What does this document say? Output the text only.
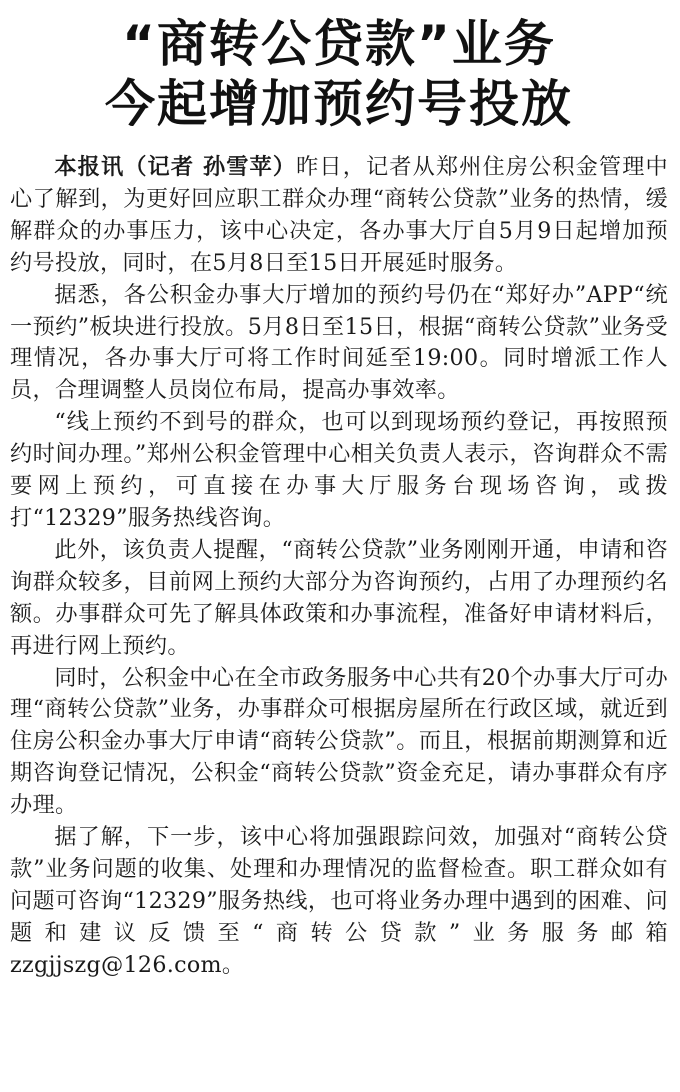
“商转公贷款”业务
今起增加预约号投放

本报讯（记者 孙雪苹）昨日，记者从郑州住房公积金管理中心了解到，为更好回应职工群众办理“商转公贷款”业务的热情，缓解群众的办事压力，该中心决定，各办事大厅自5月9日起增加预约号投放，同时，在5月8日至15日开展延时服务。

据悉，各公积金办事大厅增加的预约号仍在“郑好办”APP“统一预约”板块进行投放。5月8日至15日，根据“商转公贷款”业务受理情况，各办事大厅可将工作时间延至19:00。同时增派工作人员，合理调整人员岗位布局，提高办事效率。

“线上预约不到号的群众，也可以到现场预约登记，再按照预约时间办理。”郑州公积金管理中心相关负责人表示，咨询群众不需要网上预约，可直接在办事大厅服务台现场咨询，或拨打“12329”服务热线咨询。

此外，该负责人提醒，“商转公贷款”业务刚刚开通，申请和咨询群众较多，目前网上预约大部分为咨询预约，占用了办理预约名额。办事群众可先了解具体政策和办事流程，准备好申请材料后，再进行网上预约。

同时，公积金中心在全市政务服务中心共有20个办事大厅可办理“商转公贷款”业务，办事群众可根据房屋所在行政区域，就近到住房公积金办事大厅申请“商转公贷款”。而且，根据前期测算和近期咨询登记情况，公积金“商转公贷款”资金充足，请办事群众有序办理。

据了解，下一步，该中心将加强跟踪问效，加强对“商转公贷款”业务问题的收集、处理和办理情况的监督检查。职工群众如有问题可咨询“12329”服务热线，也可将业务办理中遇到的困难、问题和建议反馈至“商转公贷款”业务服务邮箱 zzgjjszg@126.com。
